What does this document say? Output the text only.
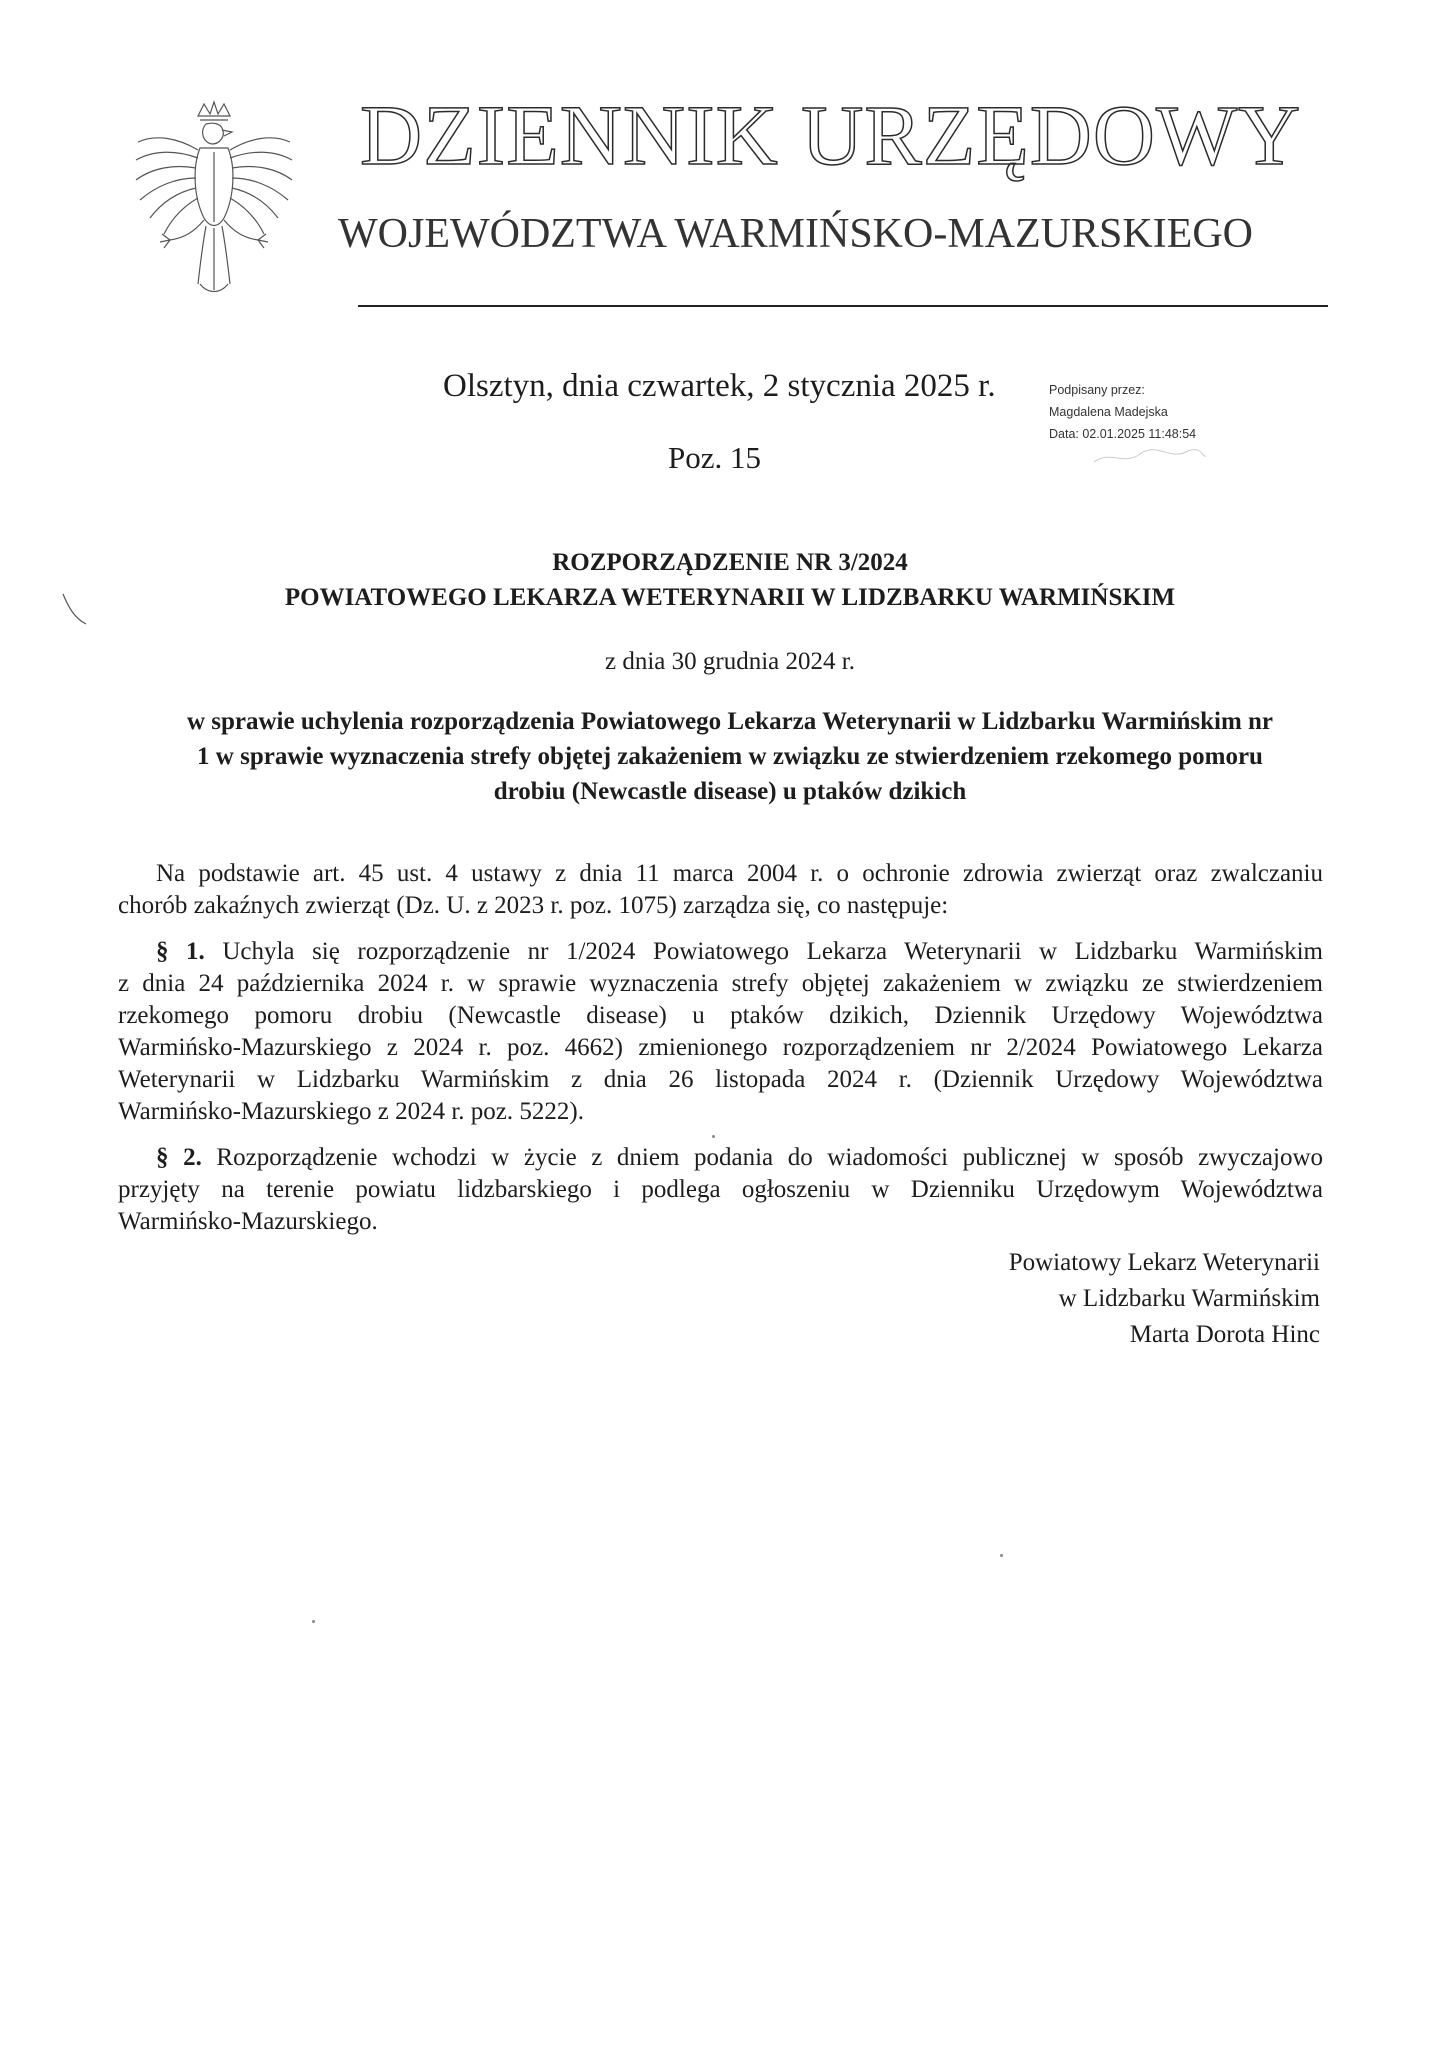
DZIENNIK URZĘDOWY
WOJEWÓDZTWA WARMIŃSKO-MAZURSKIEGO
Olsztyn, dnia czwartek, 2 stycznia 2025 r.
Poz. 15
Podpisany przez:
Magdalena Madejska
Data: 02.01.2025 11:48:54
ROZPORZĄDZENIE NR 3/2024
POWIATOWEGO LEKARZA WETERYNARII W LIDZBARKU WARMIŃSKIM
z dnia 30 grudnia 2024 r.
w sprawie uchylenia rozporządzenia Powiatowego Lekarza Weterynarii w Lidzbarku Warmińskim nr
1 w sprawie wyznaczenia strefy objętej zakażeniem w związku ze stwierdzeniem rzekomego pomoru
drobiu (Newcastle disease) u ptaków dzikich
Na podstawie art. 45 ust. 4 ustawy z dnia 11 marca 2004 r. o ochronie zdrowia zwierząt oraz zwalczaniu
chorób zakaźnych zwierząt (Dz. U. z 2023 r. poz. 1075) zarządza się, co następuje:
§ 1. Uchyla się rozporządzenie nr 1/2024 Powiatowego Lekarza Weterynarii w Lidzbarku Warmińskim
z dnia 24 października 2024 r. w sprawie wyznaczenia strefy objętej zakażeniem w związku ze stwierdzeniem
rzekomego pomoru drobiu (Newcastle disease) u ptaków dzikich, Dziennik Urzędowy Województwa
Warmińsko-Mazurskiego z 2024 r. poz. 4662) zmienionego rozporządzeniem nr 2/2024 Powiatowego Lekarza
Weterynarii w Lidzbarku Warmińskim z dnia 26 listopada 2024 r. (Dziennik Urzędowy Województwa
Warmińsko-Mazurskiego z 2024 r. poz. 5222).
§ 2. Rozporządzenie wchodzi w życie z dniem podania do wiadomości publicznej w sposób zwyczajowo
przyjęty na terenie powiatu lidzbarskiego i podlega ogłoszeniu w Dzienniku Urzędowym Województwa
Warmińsko-Mazurskiego.
Powiatowy Lekarz Weterynarii
w Lidzbarku Warmińskim
Marta Dorota Hinc
